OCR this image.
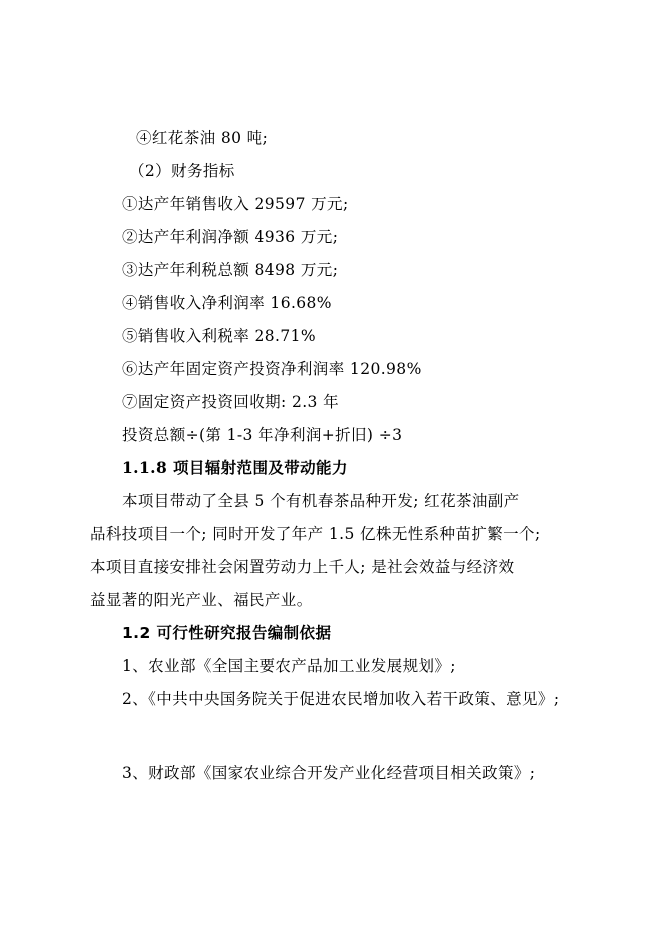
④红花茶油 80 吨;
（2）财务指标
①达产年销售收入 29597 万元;
②达产年利润净额 4936 万元;
③达产年利税总额 8498 万元;
④销售收入净利润率 16.68%
⑤销售收入利税率 28.71%
⑥达产年固定资产投资净利润率 120.98%
⑦固定资产投资回收期: 2.3 年
投资总额÷(第 1-3 年净利润+折旧) ÷3
1.1.8 项目辐射范围及带动能力
本项目带动了全县 5 个有机春茶品种开发; 红花茶油副产
品科技项目一个; 同时开发了年产 1.5 亿株无性系种苗扩繁一个;
本项目直接安排社会闲置劳动力上千人; 是社会效益与经济效
益显著的阳光产业、福民产业。
1.2 可行性研究报告编制依据
1、农业部《全国主要农产品加工业发展规划》;
2、《中共中央国务院关于促进农民增加收入若干政策、意见》;
3、财政部《国家农业综合开发产业化经营项目相关政策》;
